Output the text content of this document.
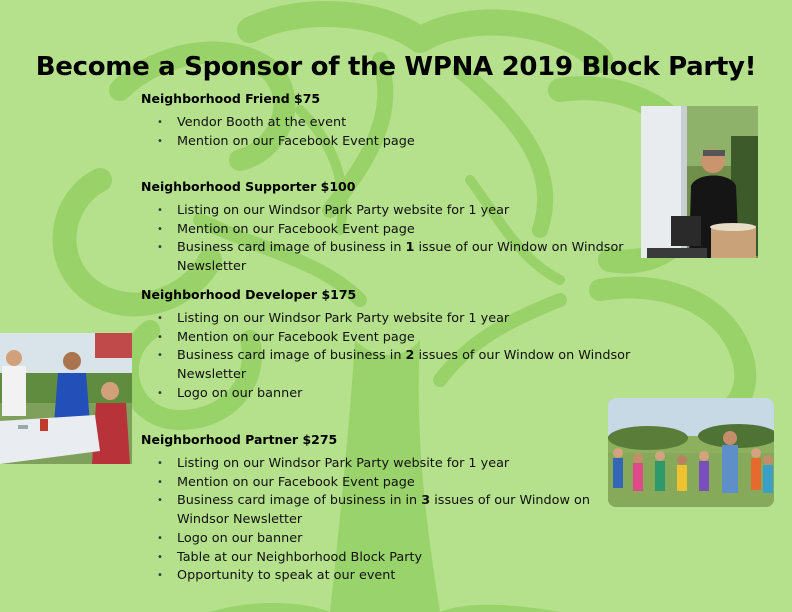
Become a Sponsor of the WPNA 2019 Block Party!
Neighborhood Friend $75
• Vendor Booth at the event
• Mention on our Facebook Event page
Neighborhood Supporter $100
• Listing on our Windsor Park Party website for 1 year
• Mention on our Facebook Event page
• Business card image of business in 1 issue of our Window on Windsor Newsletter
Neighborhood Developer $175
• Listing on our Windsor Park Party website for 1 year
• Mention on our Facebook Event page
• Business card image of business in 2 issues of our Window on Windsor Newsletter
• Logo on our banner
Neighborhood Partner $275
• Listing on our Windsor Park Party website for 1 year
• Mention on our Facebook Event page
• Business card image of business in in 3 issues of our Window on Windsor Newsletter
• Logo on our banner
• Table at our Neighborhood Block Party
• Opportunity to speak at our event
